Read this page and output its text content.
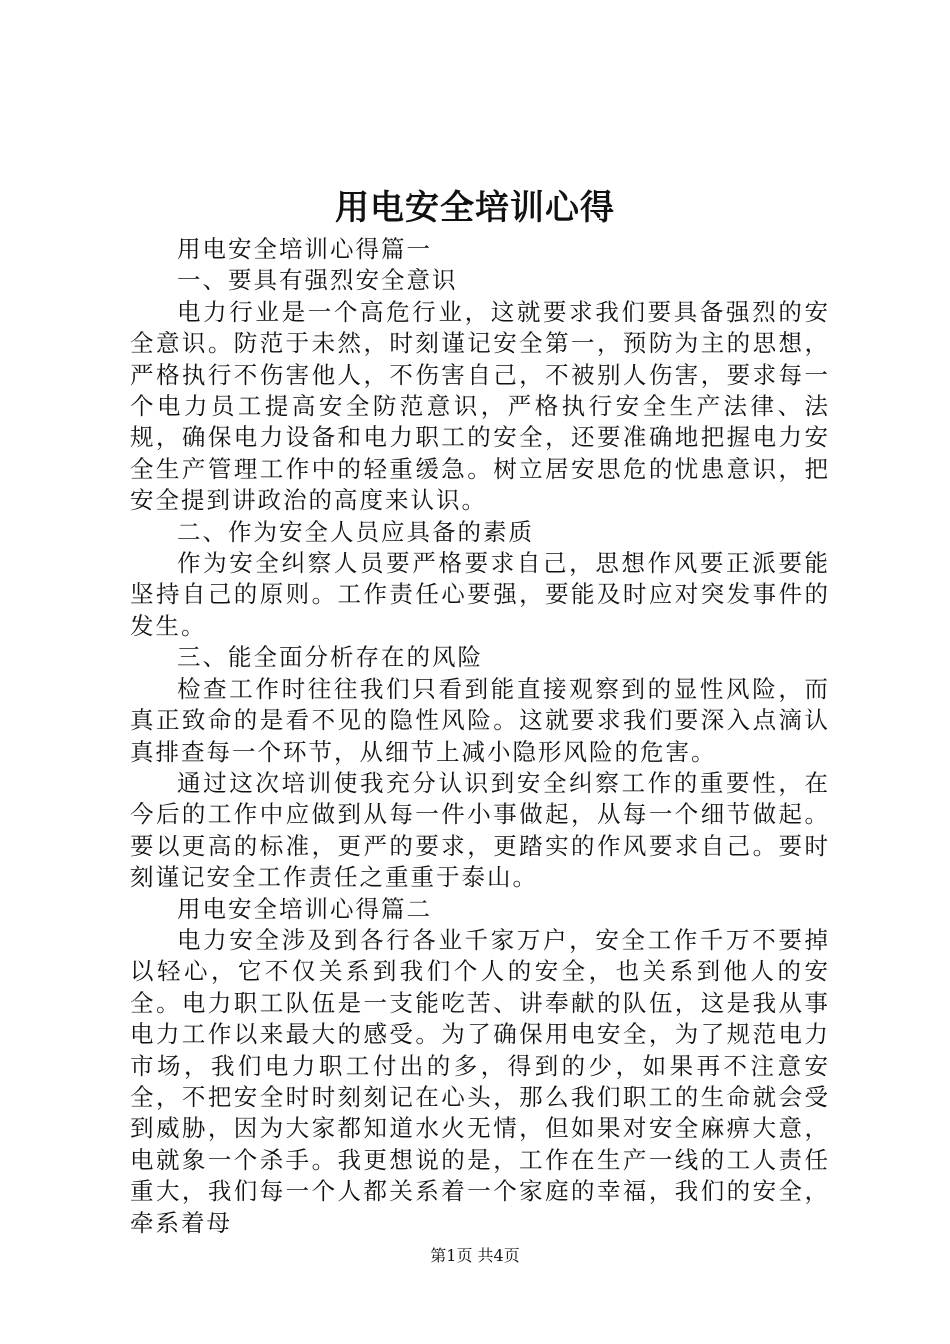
用电安全培训心得

用电安全培训心得篇一

一、要具有强烈安全意识

电力行业是一个高危行业，这就要求我们要具备强烈的安全意识。防范于未然，时刻谨记安全第一，预防为主的思想，严格执行不伤害他人，不伤害自己，不被别人伤害，要求每一个电力员工提高安全防范意识，严格执行安全生产法律、法规，确保电力设备和电力职工的安全，还要准确地把握电力安全生产管理工作中的轻重缓急。树立居安思危的忧患意识，把安全提到讲政治的高度来认识。

二、作为安全人员应具备的素质

作为安全纠察人员要严格要求自己，思想作风要正派要能坚持自己的原则。工作责任心要强，要能及时应对突发事件的发生。

三、能全面分析存在的风险

检查工作时往往我们只看到能直接观察到的显性风险，而真正致命的是看不见的隐性风险。这就要求我们要深入点滴认真排查每一个环节，从细节上减小隐形风险的危害。

通过这次培训使我充分认识到安全纠察工作的重要性，在今后的工作中应做到从每一件小事做起，从每一个细节做起。要以更高的标准，更严的要求，更踏实的作风要求自己。要时刻谨记安全工作责任之重重于泰山。

用电安全培训心得篇二

电力安全涉及到各行各业千家万户，安全工作千万不要掉以轻心，它不仅关系到我们个人的安全，也关系到他人的安全。电力职工队伍是一支能吃苦、讲奉献的队伍，这是我从事电力工作以来最大的感受。为了确保用电安全，为了规范电力市场，我们电力职工付出的多，得到的少，如果再不注意安全，不把安全时时刻刻记在心头，那么我们职工的生命就会受到威胁，因为大家都知道水火无情，但如果对安全麻痹大意，电就象一个杀手。我更想说的是，工作在生产一线的工人责任重大，我们每一个人都关系着一个家庭的幸福，我们的安全，牵系着母

第1页 共4页
